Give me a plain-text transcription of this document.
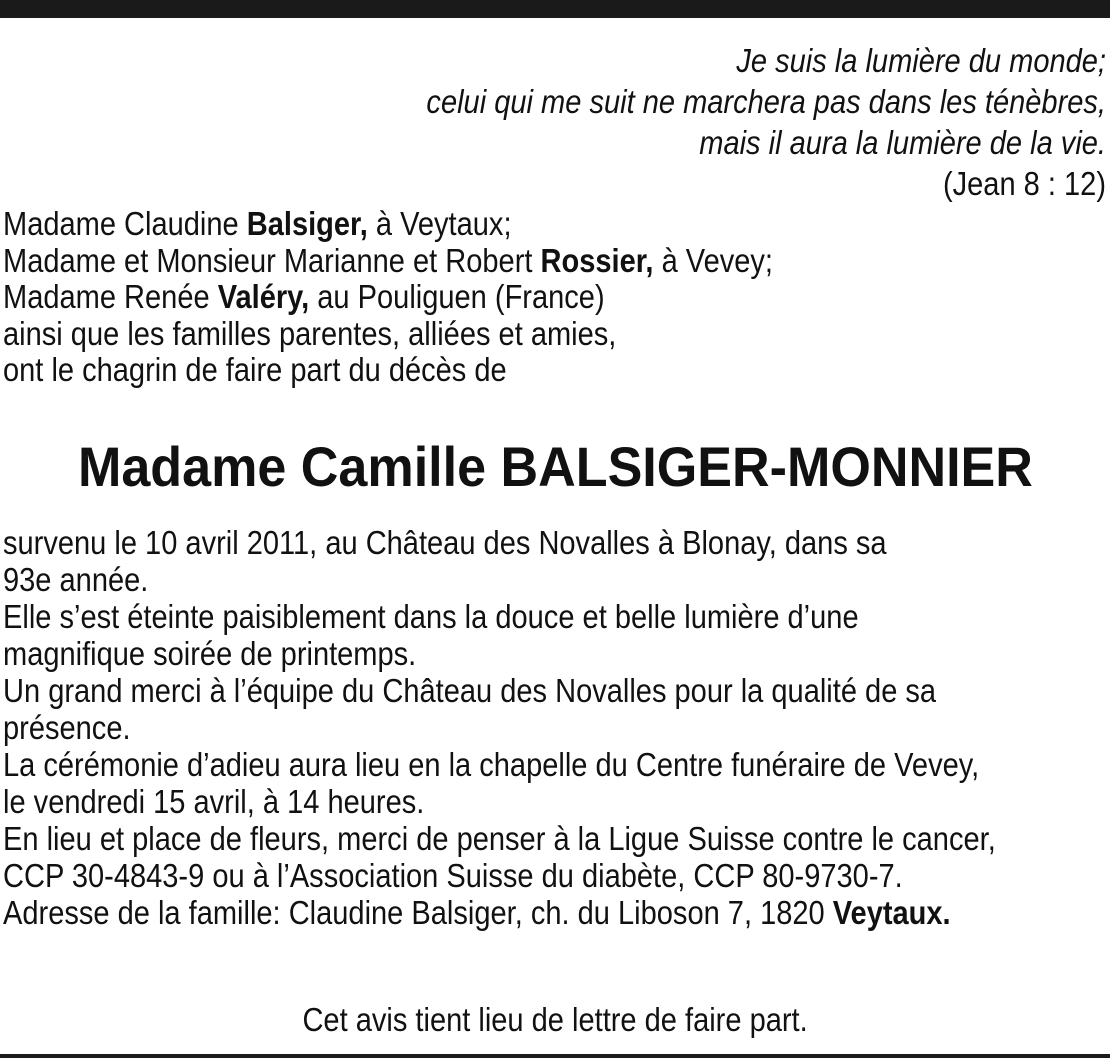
Je suis la lumière du monde;
celui qui me suit ne marchera pas dans les ténèbres,
mais il aura la lumière de la vie.
(Jean 8 : 12)
Madame Claudine Balsiger, à Veytaux;
Madame et Monsieur Marianne et Robert Rossier, à Vevey;
Madame Renée Valéry, au Pouliguen (France)
ainsi que les familles parentes, alliées et amies,
ont le chagrin de faire part du décès de
Madame Camille BALSIGER-MONNIER
survenu le 10 avril 2011, au Château des Novalles à Blonay, dans sa
93e année.
Elle s’est éteinte paisiblement dans la douce et belle lumière d’une
magnifique soirée de printemps.
Un grand merci à l’équipe du Château des Novalles pour la qualité de sa
présence.
La cérémonie d’adieu aura lieu en la chapelle du Centre funéraire de Vevey,
le vendredi 15 avril, à 14 heures.
En lieu et place de fleurs, merci de penser à la Ligue Suisse contre le cancer,
CCP 30-4843-9 ou à l’Association Suisse du diabète, CCP 80-9730-7.
Adresse de la famille: Claudine Balsiger, ch. du Liboson 7, 1820 Veytaux.
Cet avis tient lieu de lettre de faire part.
